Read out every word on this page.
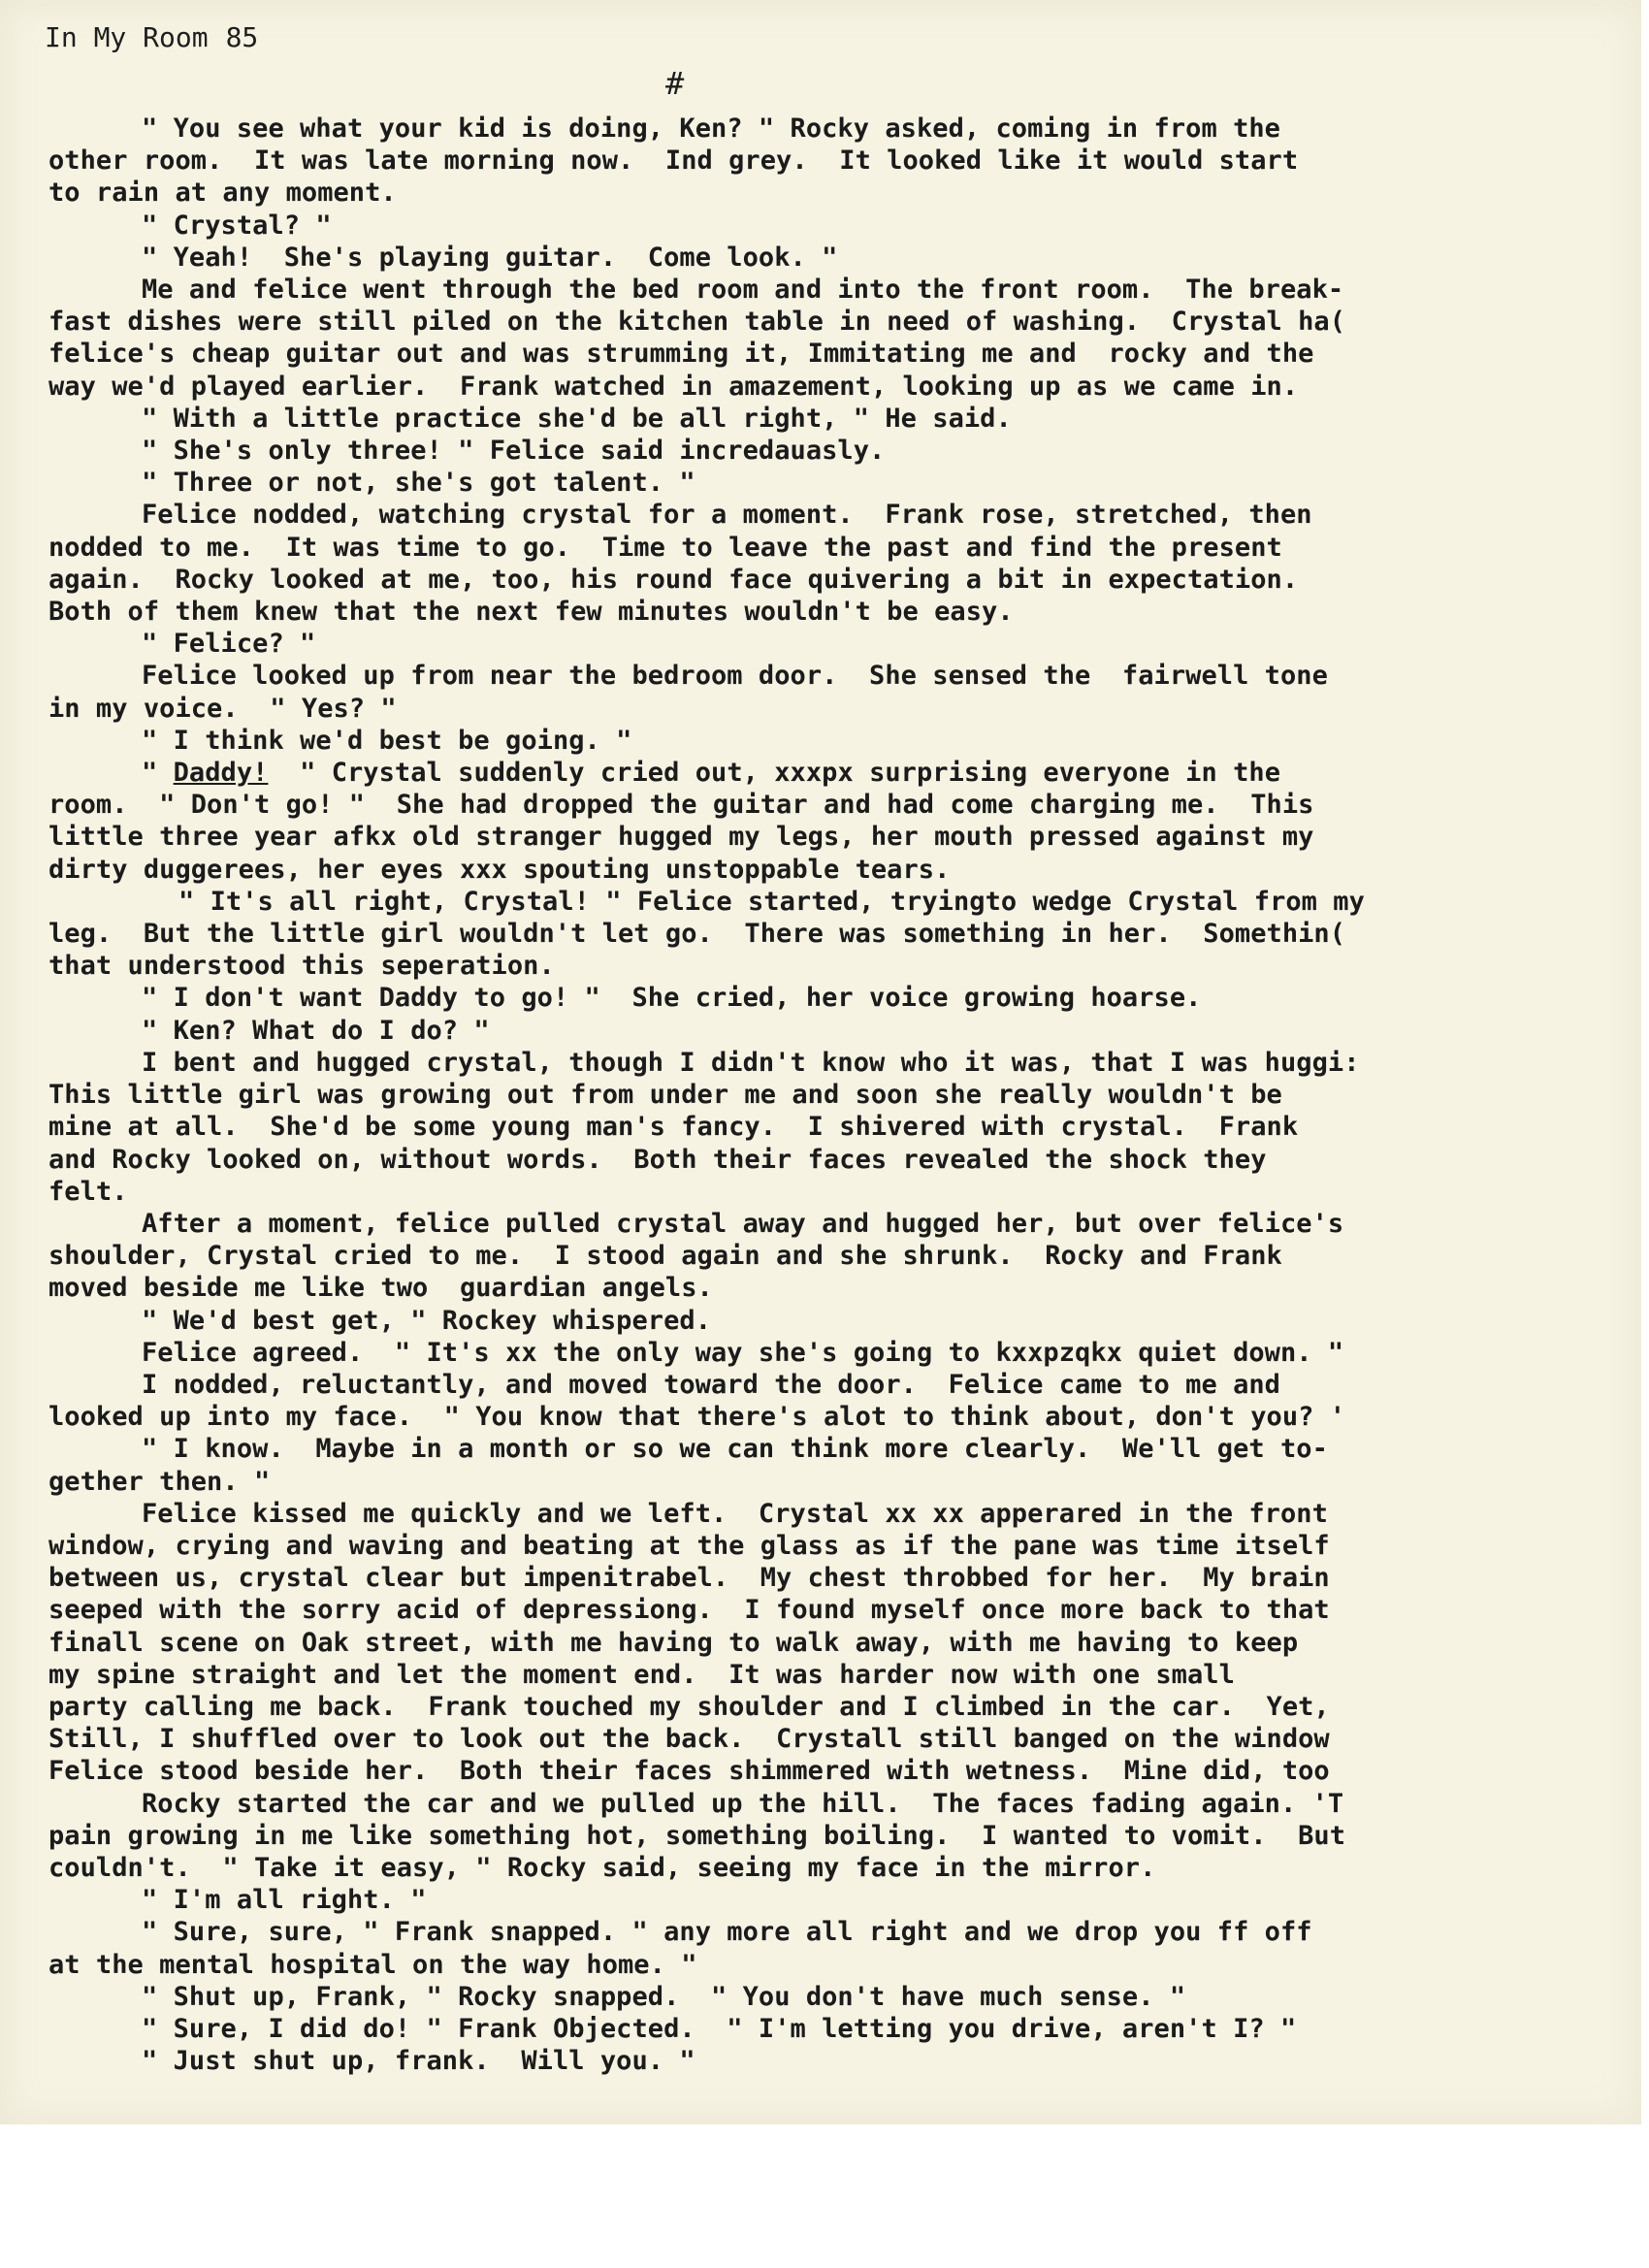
In My Room 85
#
" You see what your kid is doing, Ken? " Rocky asked, coming in from the
other room.  It was late morning now.  Ind grey.  It looked like it would start
to rain at any moment.
" Crystal? "
" Yeah!  She's playing guitar.  Come look. "
Me and felice went through the bed room and into the front room.  The break-
fast dishes were still piled on the kitchen table in need of washing.  Crystal ha(
felice's cheap guitar out and was strumming it, Immitating me and  rocky and the
way we'd played earlier.  Frank watched in amazement, looking up as we came in.
" With a little practice she'd be all right, " He said.
" She's only three! " Felice said incredauasly.
" Three or not, she's got talent. "
Felice nodded, watching crystal for a moment.  Frank rose, stretched, then
nodded to me.  It was time to go.  Time to leave the past and find the present
again.  Rocky looked at me, too, his round face quivering a bit in expectation.
Both of them knew that the next few minutes wouldn't be easy.
" Felice? "
Felice looked up from near the bedroom door.  She sensed the  fairwell tone
in my voice.  " Yes? "
" I think we'd best be going. "
" Daddy!  " Crystal suddenly cried out, xxxpx surprising everyone in the
room.  " Don't go! "  She had dropped the guitar and had come charging me.  This
little three year afkx old stranger hugged my legs, her mouth pressed against my
dirty duggerees, her eyes xxx spouting unstoppable tears.
" It's all right, Crystal! " Felice started, tryingto wedge Crystal from my
leg.  But the little girl wouldn't let go.  There was something in her.  Somethin(
that understood this seperation.
" I don't want Daddy to go! "  She cried, her voice growing hoarse.
" Ken? What do I do? "
I bent and hugged crystal, though I didn't know who it was, that I was huggi:
This little girl was growing out from under me and soon she really wouldn't be
mine at all.  She'd be some young man's fancy.  I shivered with crystal.  Frank
and Rocky looked on, without words.  Both their faces revealed the shock they
felt.
After a moment, felice pulled crystal away and hugged her, but over felice's
shoulder, Crystal cried to me.  I stood again and she shrunk.  Rocky and Frank
moved beside me like two  guardian angels.
" We'd best get, " Rockey whispered.
Felice agreed.  " It's xx the only way she's going to kxxpzqkx quiet down. "
I nodded, reluctantly, and moved toward the door.  Felice came to me and
looked up into my face.  " You know that there's alot to think about, don't you? '
" I know.  Maybe in a month or so we can think more clearly.  We'll get to-
gether then. "
Felice kissed me quickly and we left.  Crystal xx xx apperared in the front
window, crying and waving and beating at the glass as if the pane was time itself
between us, crystal clear but impenitrabel.  My chest throbbed for her.  My brain
seeped with the sorry acid of depressiong.  I found myself once more back to that
finall scene on Oak street, with me having to walk away, with me having to keep
my spine straight and let the moment end.  It was harder now with one small
party calling me back.  Frank touched my shoulder and I climbed in the car.  Yet,
Still, I shuffled over to look out the back.  Crystall still banged on the window
Felice stood beside her.  Both their faces shimmered with wetness.  Mine did, too
Rocky started the car and we pulled up the hill.  The faces fading again. 'T
pain growing in me like something hot, something boiling.  I wanted to vomit.  But
couldn't.  " Take it easy, " Rocky said, seeing my face in the mirror.
" I'm all right. "
" Sure, sure, " Frank snapped. " any more all right and we drop you ff off
at the mental hospital on the way home. "
" Shut up, Frank, " Rocky snapped.  " You don't have much sense. "
" Sure, I did do! " Frank Objected.  " I'm letting you drive, aren't I? "
" Just shut up, frank.  Will you. "
